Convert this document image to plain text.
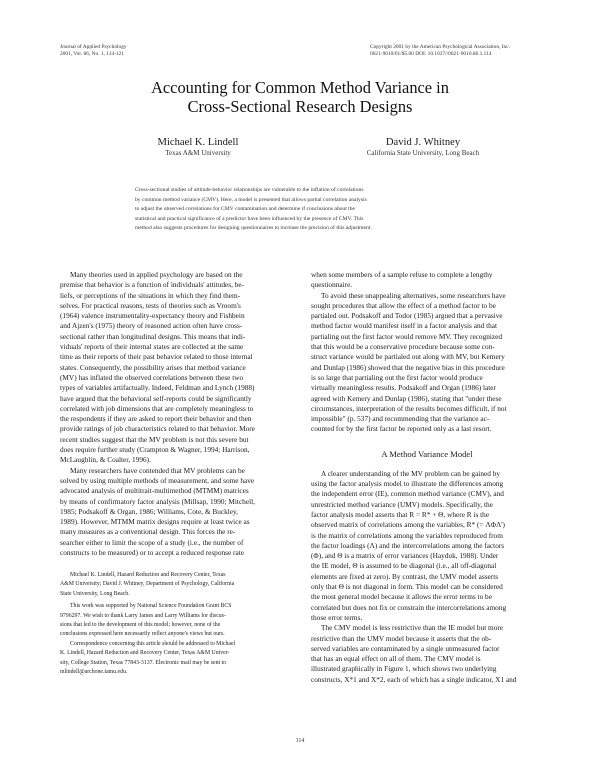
Journal of Applied Psychology
2001, Vol. 86, No. 1, 114-121
Copyright 2001 by the American Psychological Association, Inc.
0021-9010/01/$5.00 DOI: 10.1037//0021-9010.86.1.114
Accounting for Common Method Variance in
Cross-Sectional Research Designs
Michael K. Lindell
Texas A&M University
David J. Whitney
California State University, Long Beach
Cross-sectional studies of attitude-behavior relationships are vulnerable to the inflation of correlations
by common method variance (CMV). Here, a model is presented that allows partial correlation analysis
to adjust the observed correlations for CMV contamination and determine if conclusions about the
statistical and practical significance of a predictor have been influenced by the presence of CMV. This
method also suggests procedures for designing questionnaires to increase the precision of this adjustment.
Many theories used in applied psychology are based on the
premise that behavior is a function of individuals' attitudes, be-
liefs, or perceptions of the situations in which they find them-
selves. For practical reasons, tests of theories such as Vroom's
(1964) valence instrumentality-expectancy theory and Fishbein
and Ajzen's (1975) theory of reasoned action often have cross-
sectional rather than longitudinal designs. This means that indi-
viduals' reports of their internal states are collected at the same
time as their reports of their past behavior related to those internal
states. Consequently, the possibility arises that method variance
(MV) has inflated the observed correlations between these two
types of variables artifactually. Indeed, Feldman and Lynch (1988)
have argued that the behavioral self-reports could be significantly
correlated with job dimensions that are completely meaningless to
the respondents if they are asked to report their behavior and then
provide ratings of job characteristics related to that behavior. More
recent studies suggest that the MV problem is not this severe but
does require further study (Crampton & Wagner, 1994; Harrison,
McLaughlin, & Coalter, 1996).
Many researchers have contended that MV problems can be
solved by using multiple methods of measurement, and some have
advocated analysis of multitrait-multimethod (MTMM) matrices
by means of confirmatory factor analysis (Millsap, 1990; Mitchell,
1985; Podsakoff & Organ, 1986; Williams, Cote, & Buckley,
1989). However, MTMM matrix designs require at least twice as
many measures as a conventional design. This forces the re-
searcher either to limit the scope of a study (i.e., the number of
constructs to be measured) or to accept a reduced response rate
Michael K. Lindell, Hazard Reduction and Recovery Center, Texas
A&M University; David J. Whitney, Department of Psychology, California
State University, Long Beach.
This work was supported by National Science Foundation Grant BCS
9796297. We wish to thank Larry James and Larry Williams for discus-
sions that led to the development of this model; however, none of the
conclusions expressed here necessarily reflect anyone's views but ours.
Correspondence concerning this article should be addressed to Michael
K. Lindell, Hazard Reduction and Recovery Center, Texas A&M Univer-
sity, College Station, Texas 77843-3137. Electronic mail may be sent to
mlindell@archone.tamu.edu.
when some members of a sample refuse to complete a lengthy
questionnaire.
To avoid these unappealing alternatives, some researchers have
sought procedures that allow the effect of a method factor to be
partialed out. Podsakoff and Todor (1985) argued that a pervasive
method factor would manifest itself in a factor analysis and that
partialing out the first factor would remove MV. They recognized
that this would be a conservative procedure because some con-
struct variance would be partialed out along with MV, but Kemery
and Dunlap (1986) showed that the negative bias in this procedure
is so large that partialing out the first factor would produce
virtually meaningless results. Podsakoff and Organ (1986) later
agreed with Kemery and Dunlap (1986), stating that "under these
circumstances, interpretation of the results becomes difficult, if not
impossible" (p. 537) and recommending that the variance ac-
counted for by the first factor be reported only as a last resort.
A Method Variance Model
A clearer understanding of the MV problem can be gained by
using the factor analysis model to illustrate the differences among
the independent error (IE), common method variance (CMV), and
unrestricted method variance (UMV) models. Specifically, the
factor analysis model asserts that R = R* + Θ, where R is the
observed matrix of correlations among the variables, R* (= ΛΦΛ')
is the matrix of correlations among the variables reproduced from
the factor loadings (Λ) and the intercorrelations among the factors
(Φ), and Θ is a matrix of error variances (Hayduk, 1988). Under
the IE model, Θ is assumed to be diagonal (i.e., all off-diagonal
elements are fixed at zero). By contrast, the UMV model asserts
only that Θ is not diagonal in form. This model can be considered
the most general model because it allows the error terms to be
correlated but does not fix or constrain the intercorrelations among
those error terms.
The CMV model is less restrictive than the IE model but more
restrictive than the UMV model because it asserts that the ob-
served variables are contaminated by a single unmeasured factor
that has an equal effect on all of them. The CMV model is
illustrated graphically in Figure 1, which shows two underlying
constructs, X*1 and X*2, each of which has a single indicator, X1 and
114
